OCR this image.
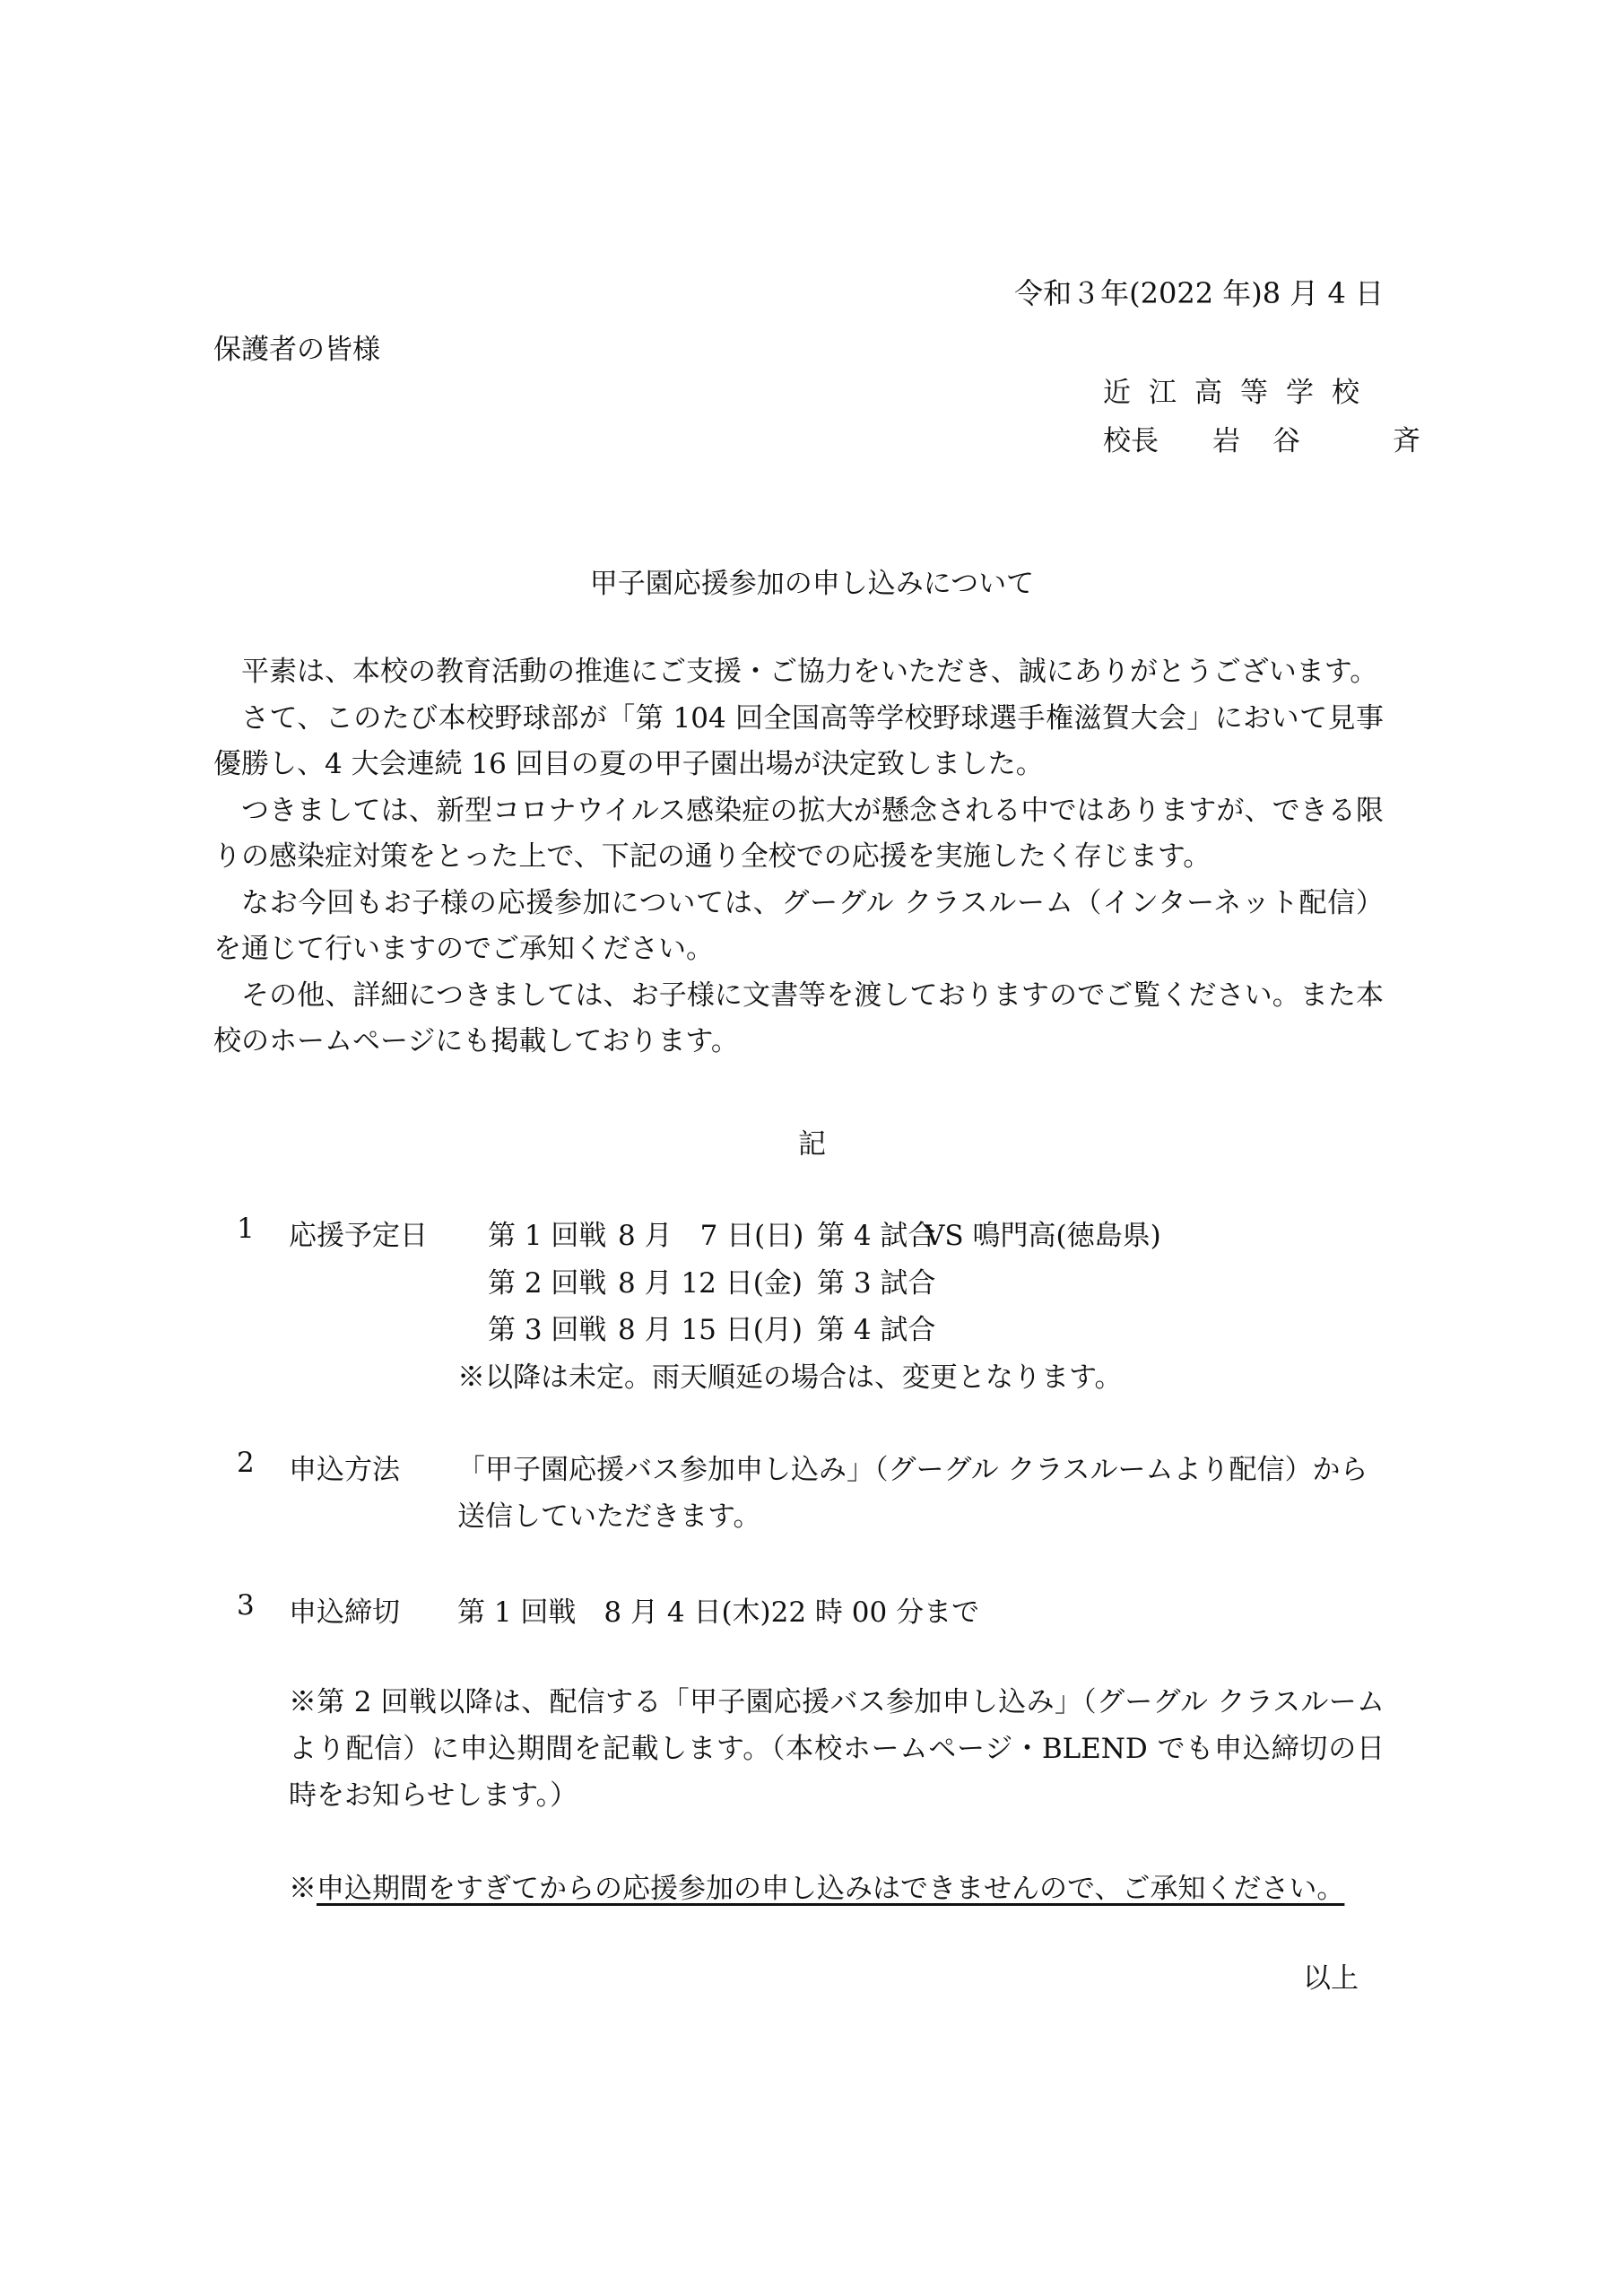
令和３年(2022 年)8 月 4 日
保護者の皆様
近江高等学校
校長 岩谷　斉
甲子園応援参加の申し込みについて

平素は、本校の教育活動の推進にご支援・ご協力をいただき、誠にありがとうございます。

さて、このたび本校野球部が「第 104 回全国高等学校野球選手権滋賀大会」において見事優勝し、4 大会連続 16 回目の夏の甲子園出場が決定致しました。

つきましては、新型コロナウイルス感染症の拡大が懸念される中ではありますが、できる限りの感染症対策をとった上で、下記の通り全校での応援を実施したく存じます。

なお今回もお子様の応援参加については、グーグル クラスルーム（インターネット配信）を通じて行いますのでご承知ください。

その他、詳細につきましては、お子様に文書等を渡しておりますのでご覧ください。また本校のホームページにも掲載しております。

記
1 応援予定日 第 1 回戦 8 月　7 日(日) 第 4 試合VS 鳴門高(徳島県)
第 2 回戦 8 月 12 日(金) 第 3 試合
第 3 回戦 8 月 15 日(月) 第 4 試合
※以降は未定。雨天順延の場合は、変更となります。
2 申込方法 「甲子園応援バス参加申し込み」（グーグル クラスルームより配信）から送信していただきます。
3 申込締切 第 1 回戦　8 月 4 日(木)22 時 00 分まで
※第 2 回戦以降は、配信する「甲子園応援バス参加申し込み」（グーグル クラスルームより配信）に申込期間を記載します。（本校ホームページ・BLEND でも申込締切の日時をお知らせします。）
※申込期間をすぎてからの応援参加の申し込みはできませんので、ご承知ください。
以上
